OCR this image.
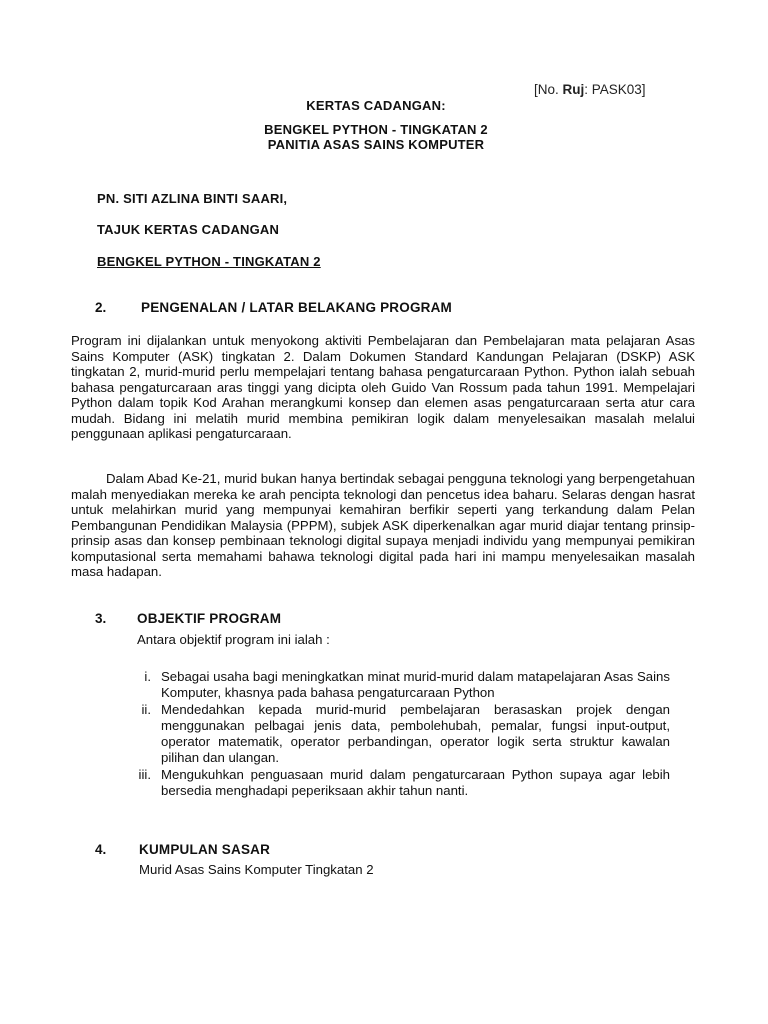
[No. Ruj: PASK03]
KERTAS CADANGAN:
BENGKEL PYTHON - TINGKATAN 2
PANITIA ASAS SAINS KOMPUTER
PN. SITI AZLINA BINTI SAARI,
TAJUK KERTAS CADANGAN
BENGKEL PYTHON - TINGKATAN 2
2.	PENGENALAN / LATAR BELAKANG PROGRAM
Program ini dijalankan untuk menyokong aktiviti Pembelajaran dan Pembelajaran mata pelajaran Asas Sains Komputer (ASK) tingkatan 2. Dalam Dokumen Standard Kandungan Pelajaran (DSKP) ASK tingkatan 2, murid-murid perlu mempelajari tentang bahasa pengaturcaraan Python. Python ialah sebuah bahasa pengaturcaraan aras tinggi yang dicipta oleh Guido Van Rossum pada tahun 1991. Mempelajari Python dalam topik Kod Arahan merangkumi konsep dan elemen asas pengaturcaraan serta atur cara mudah. Bidang ini melatih murid membina pemikiran logik dalam menyelesaikan masalah melalui penggunaan aplikasi pengaturcaraan.
Dalam Abad Ke-21, murid bukan hanya bertindak sebagai pengguna teknologi yang berpengetahuan malah menyediakan mereka ke arah pencipta teknologi dan pencetus idea baharu. Selaras dengan hasrat untuk melahirkan murid yang mempunyai kemahiran berfikir seperti yang terkandung dalam Pelan Pembangunan Pendidikan Malaysia (PPPM), subjek ASK diperkenalkan agar murid diajar tentang prinsip-prinsip asas dan konsep pembinaan teknologi digital supaya menjadi individu yang mempunyai pemikiran komputasional serta memahami bahawa teknologi digital pada hari ini mampu menyelesaikan masalah masa hadapan.
3. OBJEKTIF PROGRAM
Antara objektif program ini ialah :
i. Sebagai usaha bagi meningkatkan minat murid-murid dalam matapelajaran Asas Sains Komputer, khasnya pada bahasa pengaturcaraan Python
ii. Mendedahkan kepada murid-murid pembelajaran berasaskan projek dengan menggunakan pelbagai jenis data, pembolehubah, pemalar, fungsi input-output, operator matematik, operator perbandingan, operator logik serta struktur kawalan pilihan dan ulangan.
iii. Mengukuhkan penguasaan murid dalam pengaturcaraan Python supaya agar lebih bersedia menghadapi peperiksaan akhir tahun nanti.
4. KUMPULAN SASAR
Murid Asas Sains Komputer Tingkatan 2
